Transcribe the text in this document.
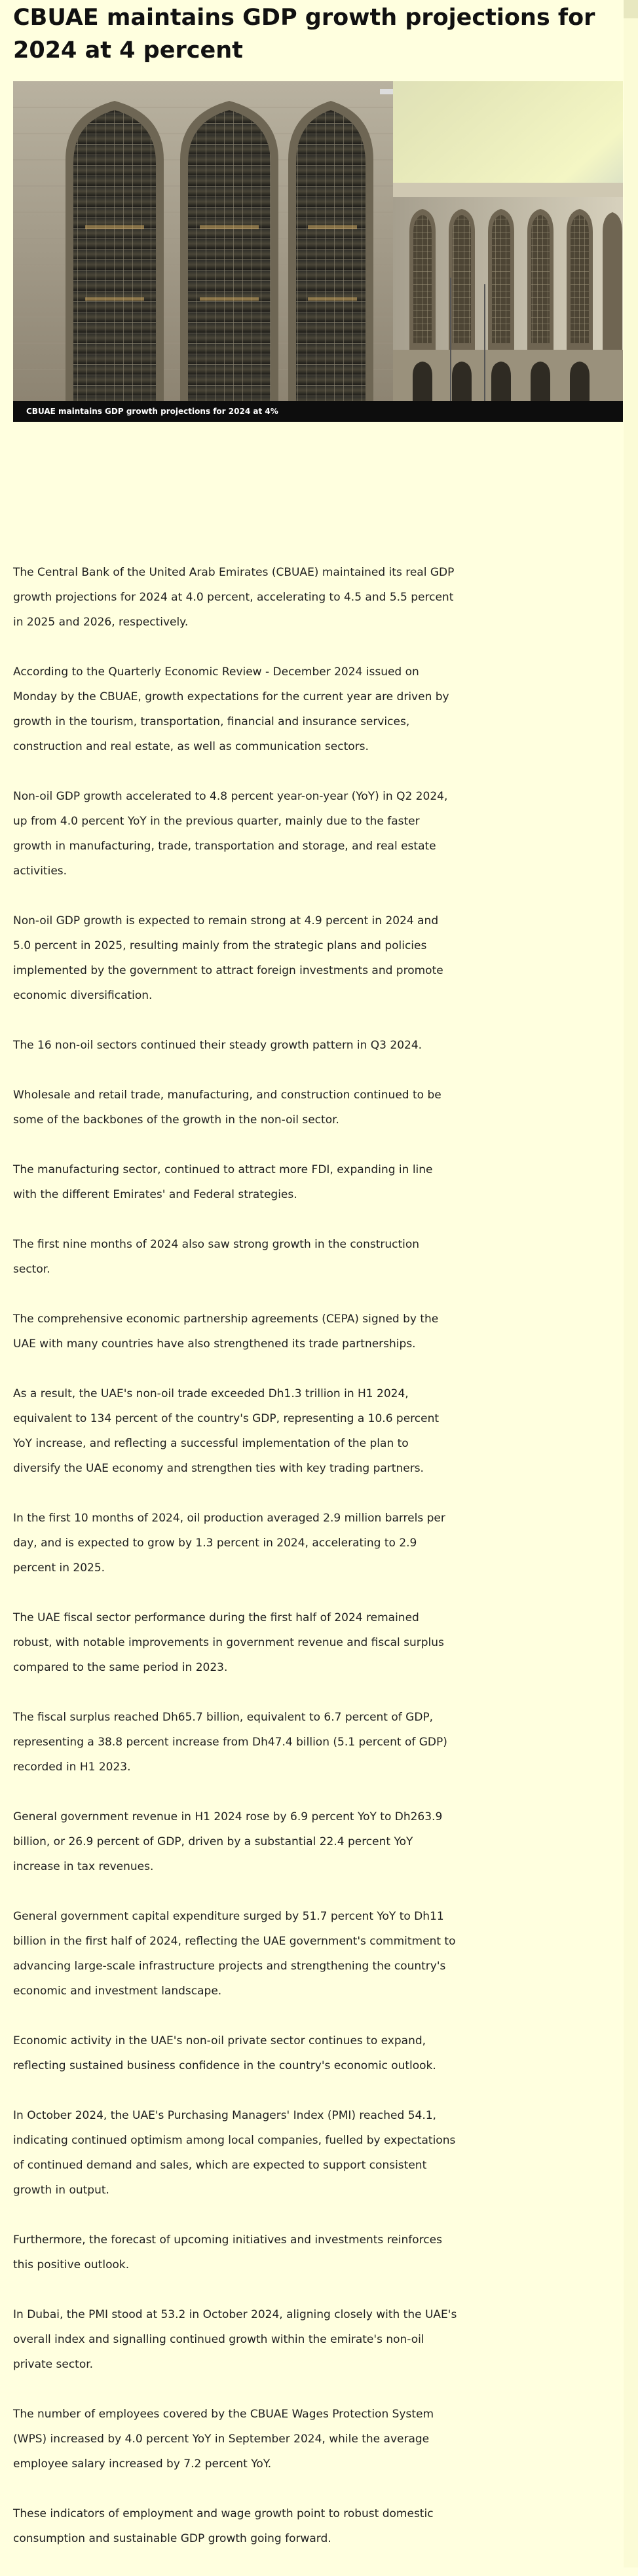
CBUAE maintains GDP growth projections for 2024 at 4 percent
CBUAE maintains GDP growth projections for 2024 at 4%

The Central Bank of the United Arab Emirates (CBUAE) maintained its real GDP growth projections for 2024 at 4.0 percent, accelerating to 4.5 and 5.5 percent in 2025 and 2026, respectively.

According to the Quarterly Economic Review - December 2024 issued on Monday by the CBUAE, growth expectations for the current year are driven by growth in the tourism, transportation, financial and insurance services, construction and real estate, as well as communication sectors.

Non-oil GDP growth accelerated to 4.8 percent year-on-year (YoY) in Q2 2024, up from 4.0 percent YoY in the previous quarter, mainly due to the faster growth in manufacturing, trade, transportation and storage, and real estate activities.

Non-oil GDP growth is expected to remain strong at 4.9 percent in 2024 and 5.0 percent in 2025, resulting mainly from the strategic plans and policies implemented by the government to attract foreign investments and promote economic diversification.

The 16 non-oil sectors continued their steady growth pattern in Q3 2024.

Wholesale and retail trade, manufacturing, and construction continued to be some of the backbones of the growth in the non-oil sector.

The manufacturing sector, continued to attract more FDI, expanding in line with the different Emirates' and Federal strategies.

The first nine months of 2024 also saw strong growth in the construction sector.

The comprehensive economic partnership agreements (CEPA) signed by the UAE with many countries have also strengthened its trade partnerships.

As a result, the UAE's non-oil trade exceeded Dh1.3 trillion in H1 2024, equivalent to 134 percent of the country's GDP, representing a 10.6 percent YoY increase, and reflecting a successful implementation of the plan to diversify the UAE economy and strengthen ties with key trading partners.

In the first 10 months of 2024, oil production averaged 2.9 million barrels per day, and is expected to grow by 1.3 percent in 2024, accelerating to 2.9 percent in 2025.

The UAE fiscal sector performance during the first half of 2024 remained robust, with notable improvements in government revenue and fiscal surplus compared to the same period in 2023.

The fiscal surplus reached Dh65.7 billion, equivalent to 6.7 percent of GDP, representing a 38.8 percent increase from Dh47.4 billion (5.1 percent of GDP) recorded in H1 2023.

General government revenue in H1 2024 rose by 6.9 percent YoY to Dh263.9 billion, or 26.9 percent of GDP, driven by a substantial 22.4 percent YoY increase in tax revenues.

General government capital expenditure surged by 51.7 percent YoY to Dh11 billion in the first half of 2024, reflecting the UAE government's commitment to advancing large-scale infrastructure projects and strengthening the country's economic and investment landscape.

Economic activity in the UAE's non-oil private sector continues to expand, reflecting sustained business confidence in the country's economic outlook.

In October 2024, the UAE's Purchasing Managers' Index (PMI) reached 54.1, indicating continued optimism among local companies, fuelled by expectations of continued demand and sales, which are expected to support consistent growth in output.

Furthermore, the forecast of upcoming initiatives and investments reinforces this positive outlook.

In Dubai, the PMI stood at 53.2 in October 2024, aligning closely with the UAE's overall index and signalling continued growth within the emirate's non-oil private sector.

The number of employees covered by the CBUAE Wages Protection System (WPS) increased by 4.0 percent YoY in September 2024, while the average employee salary increased by 7.2 percent YoY.

These indicators of employment and wage growth point to robust domestic consumption and sustainable GDP growth going forward.
